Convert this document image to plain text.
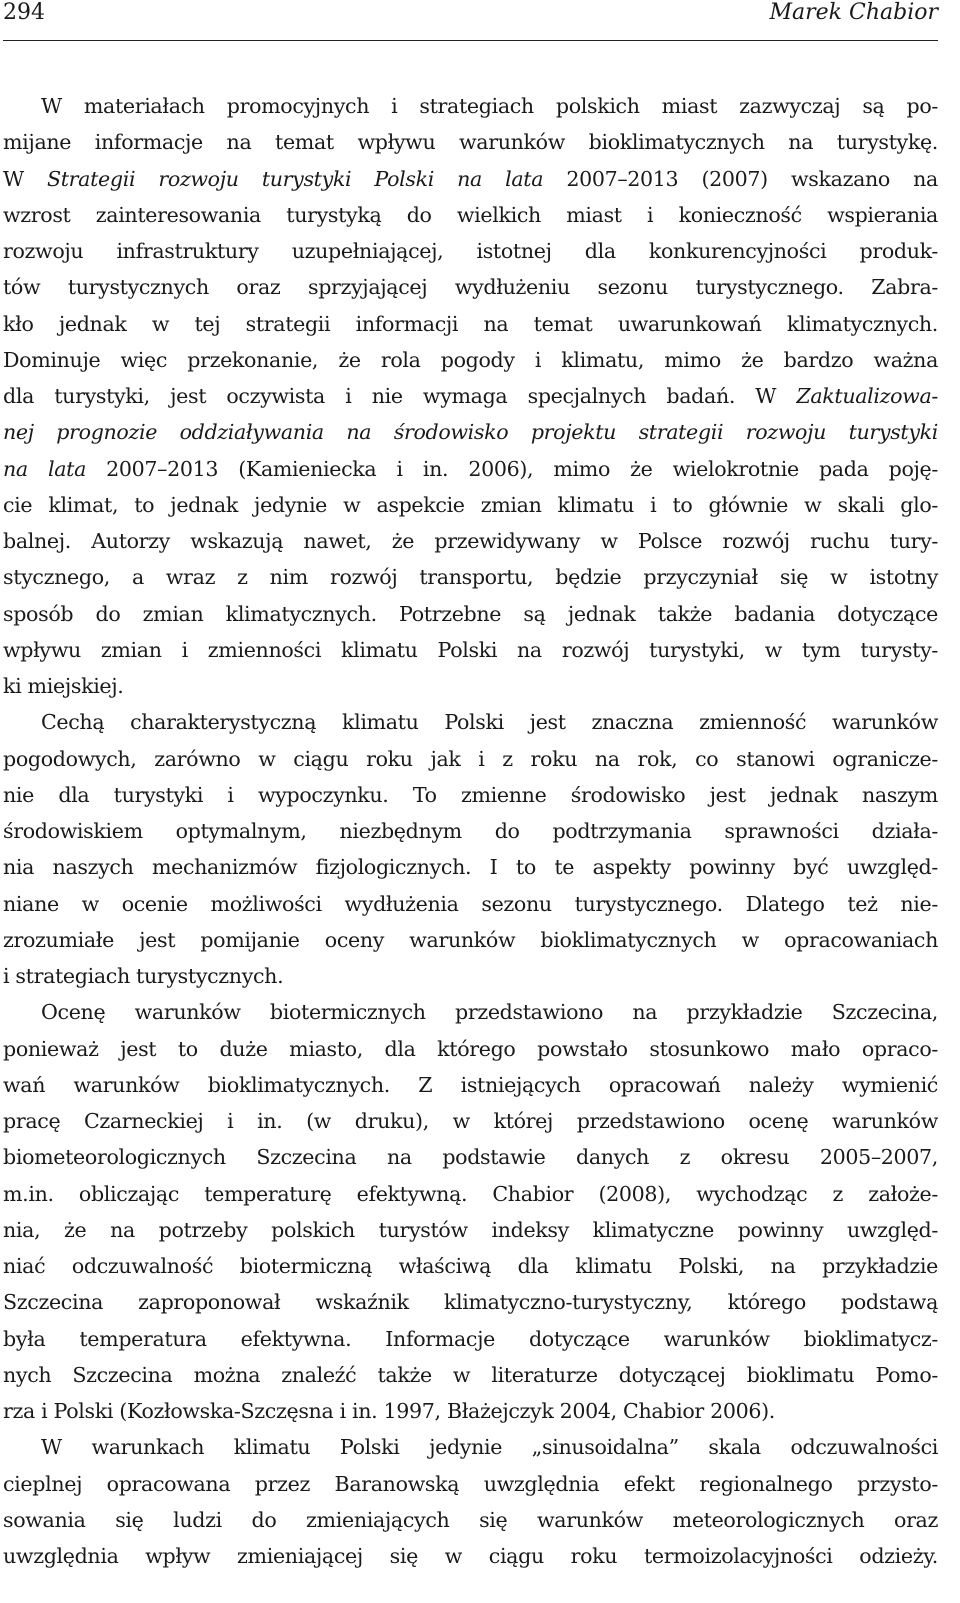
294	Marek Chabior
W materiałach promocyjnych i strategiach polskich miast zazwyczaj są po-
mijane informacje na temat wpływu warunków bioklimatycznych na turystykę.
W Strategii rozwoju turystyki Polski na lata 2007–2013 (2007) wskazano na
wzrost zainteresowania turystyką do wielkich miast i konieczność wspierania
rozwoju infrastruktury uzupełniającej, istotnej dla konkurencyjności produk-
tów turystycznych oraz sprzyjającej wydłużeniu sezonu turystycznego. Zabra-
kło jednak w tej strategii informacji na temat uwarunkowań klimatycznych.
Dominuje więc przekonanie, że rola pogody i klimatu, mimo że bardzo ważna
dla turystyki, jest oczywista i nie wymaga specjalnych badań. W Zaktualizowa-
nej prognozie oddziaływania na środowisko projektu strategii rozwoju turystyki
na lata 2007–2013 (Kamieniecka i in. 2006), mimo że wielokrotnie pada poję-
cie klimat, to jednak jedynie w aspekcie zmian klimatu i to głównie w skali glo-
balnej. Autorzy wskazują nawet, że przewidywany w Polsce rozwój ruchu tury-
stycznego, a wraz z nim rozwój transportu, będzie przyczyniał się w istotny
sposób do zmian klimatycznych. Potrzebne są jednak także badania dotyczące
wpływu zmian i zmienności klimatu Polski na rozwój turystyki, w tym turysty-
ki miejskiej.
Cechą charakterystyczną klimatu Polski jest znaczna zmienność warunków
pogodowych, zarówno w ciągu roku jak i z roku na rok, co stanowi ogranicze-
nie dla turystyki i wypoczynku. To zmienne środowisko jest jednak naszym
środowiskiem optymalnym, niezbędnym do podtrzymania sprawności działa-
nia naszych mechanizmów fizjologicznych. I to te aspekty powinny być uwzględ-
niane w ocenie możliwości wydłużenia sezonu turystycznego. Dlatego też nie-
zrozumiałe jest pomijanie oceny warunków bioklimatycznych w opracowaniach
i strategiach turystycznych.
Ocenę warunków biotermicznych przedstawiono na przykładzie Szczecina,
ponieważ jest to duże miasto, dla którego powstało stosunkowo mało opraco-
wań warunków bioklimatycznych. Z istniejących opracowań należy wymienić
pracę Czarneckiej i in. (w druku), w której przedstawiono ocenę warunków
biometeorologicznych Szczecina na podstawie danych z okresu 2005–2007,
m.in. obliczając temperaturę efektywną. Chabior (2008), wychodząc z założe-
nia, że na potrzeby polskich turystów indeksy klimatyczne powinny uwzględ-
niać odczuwalność biotermiczną właściwą dla klimatu Polski, na przykładzie
Szczecina zaproponował wskaźnik klimatyczno-turystyczny, którego podstawą
była temperatura efektywna. Informacje dotyczące warunków bioklimatycz-
nych Szczecina można znaleźć także w literaturze dotyczącej bioklimatu Pomo-
rza i Polski (Kozłowska-Szczęsna i in. 1997, Błażejczyk 2004, Chabior 2006).
W warunkach klimatu Polski jedynie „sinusoidalna” skala odczuwalności
cieplnej opracowana przez Baranowską uwzględnia efekt regionalnego przysto-
sowania się ludzi do zmieniających się warunków meteorologicznych oraz
uwzględnia wpływ zmieniającej się w ciągu roku termoizolacyjności odzieży.
